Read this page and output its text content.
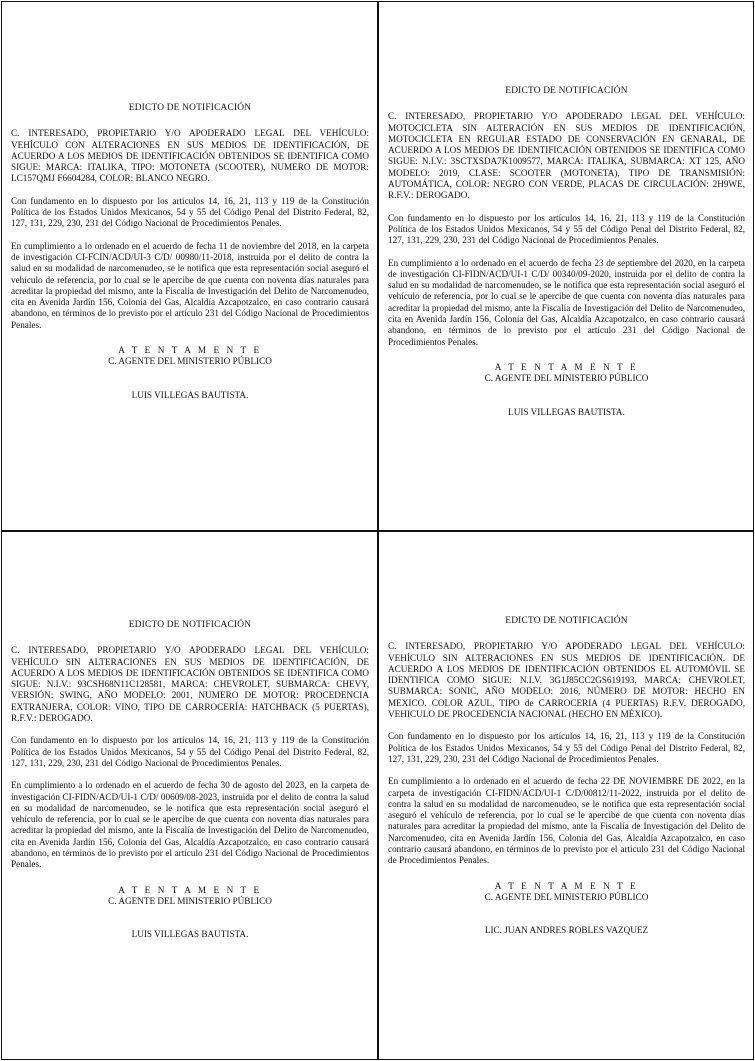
EDICTO DE NOTIFICACIÓN

C. INTERESADO, PROPIETARIO Y/O APODERADO LEGAL DEL VEHÍCULO: VEHÍCULO CON ALTERACIONES EN SUS MEDIOS DE IDENTIFICACIÓN, DE ACUERDO A LOS MEDIOS DE IDENTIFICACIÓN OBTENIDOS SE IDENTIFICA COMO SIGUE: MARCA: ITALIKA, TIPO: MOTONETA (SCOOTER), NUMERO DE MOTOR: LC157QMJ F6604284, COLOR: BLANCO NEGRO.

Con fundamento en lo dispuesto por los artículos 14, 16, 21, 113 y 119 de la Constitución Política de los Estados Unidos Mexicanos, 54 y 55 del Código Penal del Distrito Federal, 82, 127, 131, 229, 230, 231 del Código Nacional de Procedimientos Penales.

En cumplimiento a lo ordenado en el acuerdo de fecha 11 de noviembre del 2018, en la carpeta de investigación CI-FCIN/ACD/UI-3 C/D/ 00980/11-2018, instruida por el delito de contra la salud en su modalidad de narcomenudeo, se le notifica que esta representación social aseguró el vehículo de referencia, por lo cual se le apercibe de que cuenta con noventa días naturales para acreditar la propiedad del mismo, ante la Fiscalía de Investigación del Delito de Narcomenudeo, cita en Avenida Jardín 156, Colonia del Gas, Alcaldía Azcapotzalco, en caso contrario causará abandono, en términos de lo previsto por el artículo 231 del Código Nacional de Procedimientos Penales.

A T E N T A M E N T E
C. AGENTE DEL MINISTERIO PÚBLICO
LUIS VILLEGAS BAUTISTA.
EDICTO DE NOTIFICACIÓN

C. INTERESADO, PROPIETARIO Y/O APODERADO LEGAL DEL VEHÍCULO: MOTOCICLETA SIN ALTERACIÓN EN SUS MEDIOS DE IDENTIFICACIÓN, MOTOCICLETA EN REGULAR ESTADO DE CONSERVACIÓN EN GENARAL, DE ACUERDO A LOS MEDIOS DE IDENTIFICACIÓN OBTENIDOS SE IDENTIFICA COMO SIGUE: N.I.V.: 3SCTXSDA7K1009577, MARCA: ITALIKA, SUBMARCA: XT 125, AÑO MODELO: 2019, CLASE: SCOOTER (MOTONETA), TIPO DE TRANSMISIÓN: AUTOMÁTICA, COLOR: NEGRO CON VERDE, PLACAS DE CIRCULACIÓN: 2H9WE, R.F.V.: DEROGADO.

Con fundamento en lo dispuesto por los artículos 14, 16, 21, 113 y 119 de la Constitución Política de los Estados Unidos Mexicanos, 54 y 55 del Código Penal del Distrito Federal, 82, 127, 131, 229, 230, 231 del Código Nacional de Procedimientos Penales.

En cumplimiento a lo ordenado en el acuerdo de fecha 23 de septiembre del 2020, en la carpeta de investigación CI-FIDN/ACD/UI-1 C/D/ 00340/09-2020, instruida por el delito de contra la salud en su modalidad de narcomenudeo, se le notifica que esta representación social aseguró el vehículo de referencia, por lo cual se le apercibe de que cuenta con noventa días naturales para acreditar la propiedad del mismo, ante la Fiscalía de Investigación del Delito de Narcomenudeo, cita en Avenida Jardín 156, Colonia del Gas, Alcaldía Azcapotzalco, en caso contrario causará abandono, en términos de lo previsto por el artículo 231 del Código Nacional de Procedimientos Penales.

A T E N T A M E N T E
C. AGENTE DEL MINISTERIO PÚBLICO
LUIS VILLEGAS BAUTISTA.
EDICTO DE NOTIFICACIÓN

C. INTERESADO, PROPIETARIO Y/O APODERADO LEGAL DEL VEHÍCULO: VEHÍCULO SIN ALTERACIONES EN SUS MEDIOS DE IDENTIFICACIÓN, DE ACUERDO A LOS MEDIOS DE IDENTIFICACIÓN OBTENIDOS SE IDENTIFICA COMO SIGUE: N.I.V.: 93CSH68N11C128581, MARCA: CHEVROLET, SUBMARCA: CHEVY, VERSIÓN: SWING, AÑO MODELO: 2001, NUMERO DE MOTOR: PROCEDENCIA EXTRANJERA, COLOR: VINO, TIPO DE CARROCERÍA: HATCHBACK (5 PUERTAS), R.F.V.: DEROGADO.

Con fundamento en lo dispuesto por los artículos 14, 16, 21, 113 y 119 de la Constitución Política de los Estados Unidos Mexicanos, 54 y 55 del Código Penal del Distrito Federal, 82, 127, 131, 229, 230, 231 del Código Nacional de Procedimientos Penales.

En cumplimiento a lo ordenado en el acuerdo de fecha 30 de agosto del 2023, en la carpeta de investigación CI-FIDN/ACD/UI-1 C/D/ 00609/08-2023, instruida por el delito de contra la salud en su modalidad de narcomenudeo, se le notifica que esta representación social aseguró el vehículo de referencia, por lo cual se le apercibe de que cuenta con noventa días naturales para acreditar la propiedad del mismo, ante la Fiscalía de Investigación del Delito de Narcomenudeo, cita en Avenida Jardín 156, Colonia del Gas, Alcaldía Azcapotzalco, en caso contrario causará abandono, en términos de lo previsto por el artículo 231 del Código Nacional de Procedimientos Penales.

A T E N T A M E N T E
C. AGENTE DEL MINISTERIO PÚBLICO
LUIS VILLEGAS BAUTISTA.
EDICTO DE NOTIFICACIÓN

C. INTERESADO, PROPIETARIO Y/O APODERADO LEGAL DEL VEHÍCULO: VEHÍCULO SIN ALTERACIONES EN SUS MEDIOS DE IDENTIFICACIÓN. DE ACUERDO A LOS MEDIOS DE IDENTIFICACIÓN OBTENIDOS EL AUTOMÓVIL SE IDENTIFICA COMO SIGUE: N.I.V. 3G1J85CC2GS619193, MARCA: CHEVROLET, SUBMARCA: SONIC, AÑO MODELO: 2016, NÚMERO DE MOTOR: HECHO EN MEXICO. COLOR AZUL, TIPO de CARROCERIA (4 PUERTAS) R.F.V. DEROGADO, VEHICULO DE PROCEDENCIA NACIONAL (HECHO EN MÉXICO).

Con fundamento en lo dispuesto por los artículos 14, 16, 21, 113 y 119 de la Constitución Política de los Estados Unidos Mexicanos, 54 y 55 del Código Penal del Distrito Federal, 82, 127, 131, 229, 230, 231 del Código Nacional de Procedimientos Penales.

En cumplimiento a lo ordenado en el acuerdo de fecha 22 DE NOVIEMBRE DE 2022, en la carpeta de investigación CI-FIDN/ACD/UI-1 C/D/00812/11-2022, instruida por el delito de contra la salud en su modalidad de narcomenudeo, se le notifica que esta representación social aseguró el vehículo de referencia, por lo cual se le apercibe de que cuenta con noventa días naturales para acreditar la propiedad del mismo, ante la Fiscalía de Investigación del Delito de Narcomenudeo, cita en Avenida Jardín 156, Colonia del Gas, Alcaldía Azcapotzalco, en caso contrario causará abandono, en términos de lo previsto por el artículo 231 del Código Nacional de Procedimientos Penales.

A T E N T A M E N T E
C. AGENTE DEL MINISTERIO PÚBLICO
LIC. JUAN ANDRES ROBLES VAZQUEZ
